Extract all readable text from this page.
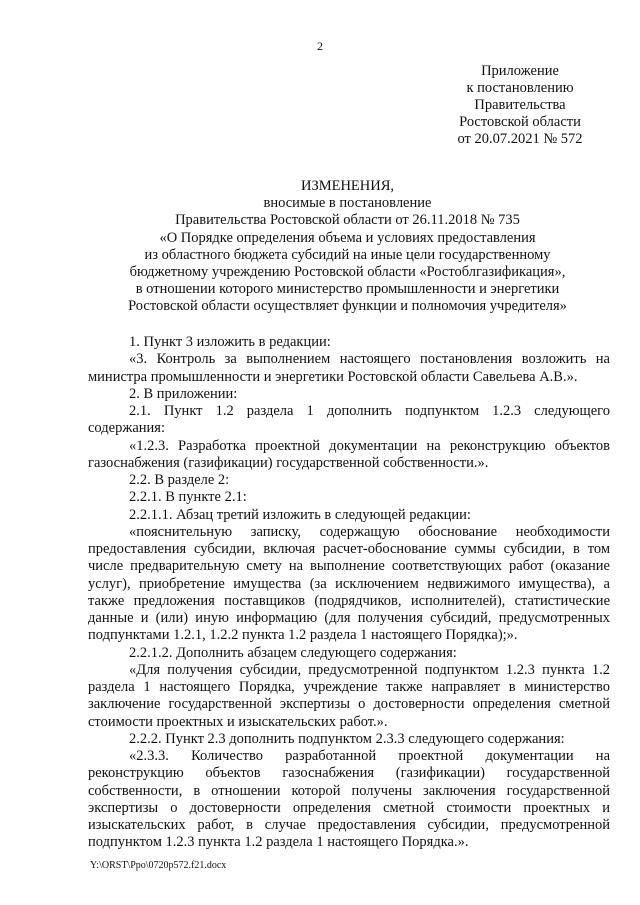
2
Приложение
к постановлению
Правительства
Ростовской области
от 20.07.2021 № 572
ИЗМЕНЕНИЯ,
вносимые в постановление
Правительства Ростовской области от 26.11.2018 № 735
«О Порядке определения объема и условиях предоставления
из областного бюджета субсидий на иные цели государственному
бюджетному учреждению Ростовской области «Ростоблгазификация»,
в отношении которого министерство промышленности и энергетики
Ростовской области осуществляет функции и полномочия учредителя»

1. Пункт 3 изложить в редакции:

«3. Контроль за выполнением настоящего постановления возложить на министра промышленности и энергетики Ростовской области Савельева А.В.».

2. В приложении:

2.1. Пункт 1.2 раздела 1 дополнить подпунктом 1.2.3 следующего содержания:

«1.2.3. Разработка проектной документации на реконструкцию объектов газоснабжения (газификации) государственной собственности.».

2.2. В разделе 2:

2.2.1. В пункте 2.1:

2.2.1.1. Абзац третий изложить в следующей редакции:

«пояснительную записку, содержащую обоснование необходимости предоставления субсидии, включая расчет-обоснование суммы субсидии, в том числе предварительную смету на выполнение соответствующих работ (оказание услуг), приобретение имущества (за исключением недвижимого имущества), а также предложения поставщиков (подрядчиков, исполнителей), статистические данные и (или) иную информацию (для получения субсидий, предусмотренных подпунктами 1.2.1, 1.2.2 пункта 1.2 раздела 1 настоящего Порядка);».

2.2.1.2. Дополнить абзацем следующего содержания:

«Для получения субсидии, предусмотренной подпунктом 1.2.3 пункта 1.2 раздела 1 настоящего Порядка, учреждение также направляет в министерство заключение государственной экспертизы о достоверности определения сметной стоимости проектных и изыскательских работ.».

2.2.2. Пункт 2.3 дополнить подпунктом 2.3.3 следующего содержания:

«2.3.3. Количество разработанной проектной документации на реконструкцию объектов газоснабжения (газификации) государственной собственности, в отношении которой получены заключения государственной экспертизы о достоверности определения сметной стоимости проектных и изыскательских работ, в случае предоставления субсидии, предусмотренной подпунктом 1.2.3 пункта 1.2 раздела 1 настоящего Порядка.».

Y:\ORST\Ppo\0720p572.f21.docx
